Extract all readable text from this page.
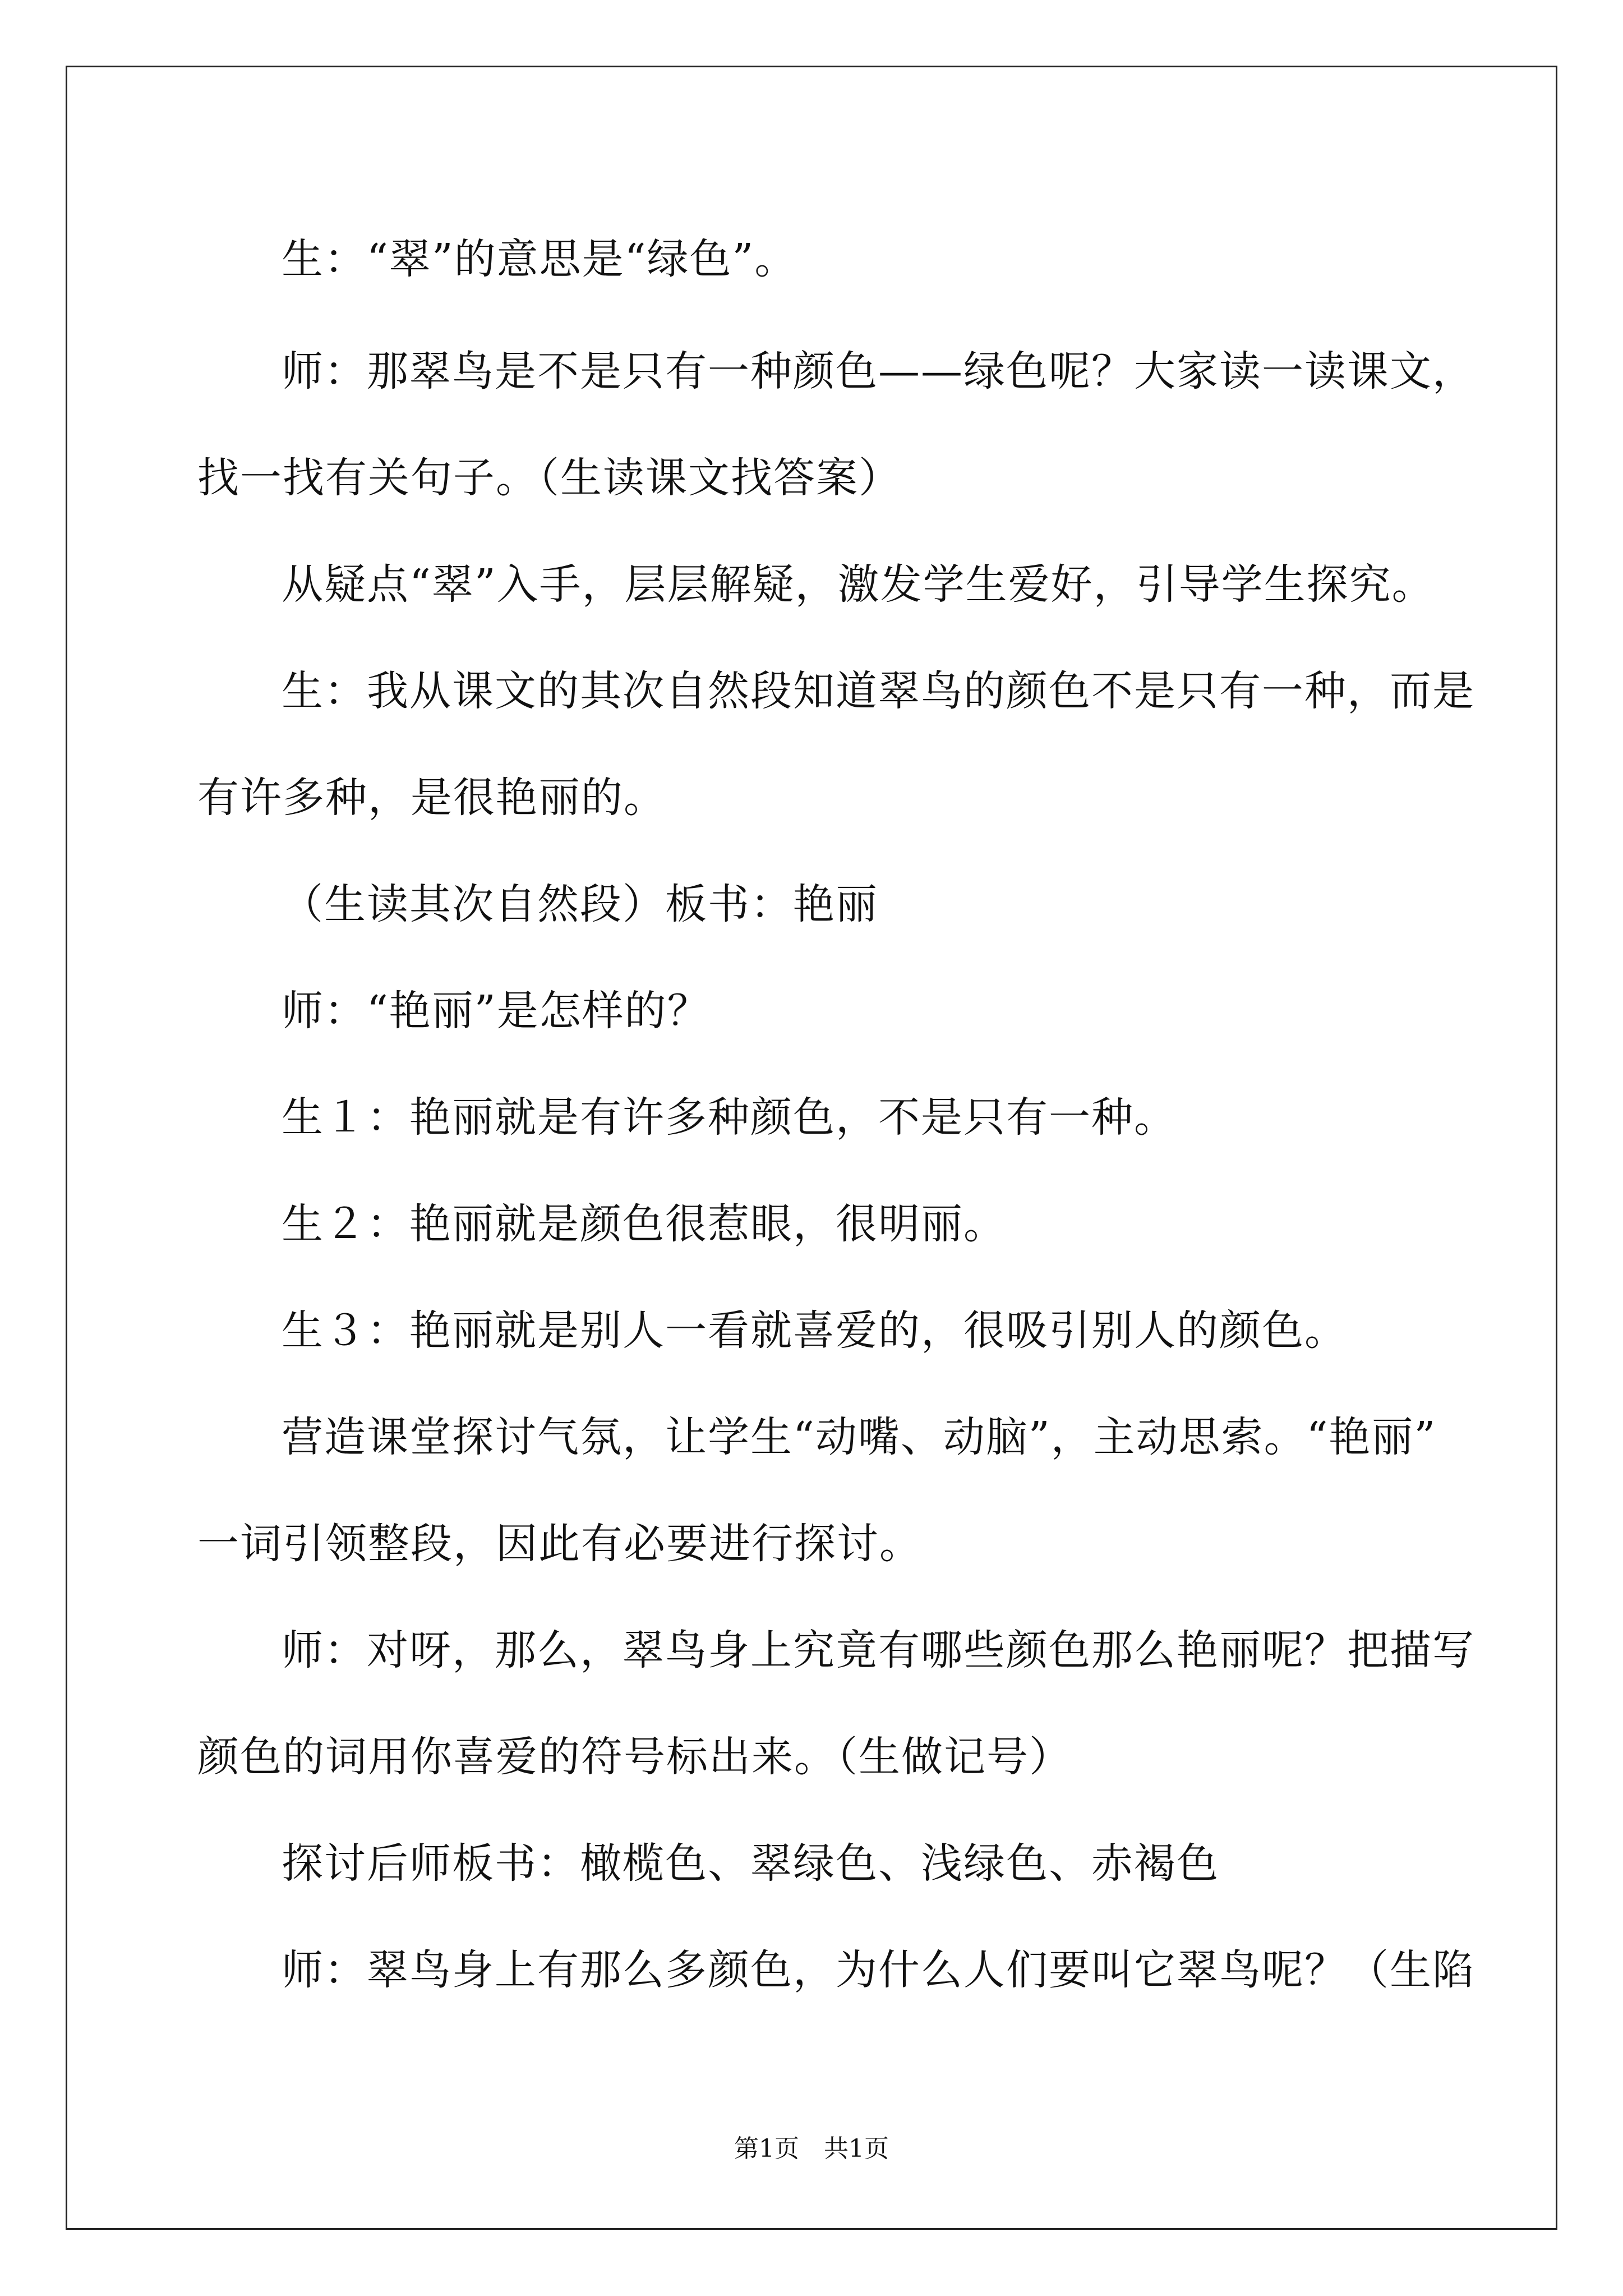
生：“翠”的意思是“绿色”。
师：那翠鸟是不是只有一种颜色——绿色呢？大家读一读课文，
找一找有关句子。（生读课文找答案）
从疑点“翠”入手，层层解疑，激发学生爱好，引导学生探究。
生：我从课文的其次自然段知道翠鸟的颜色不是只有一种，而是
有许多种，是很艳丽的。
（生读其次自然段）板书：艳丽
师：“艳丽”是怎样的？
生１：艳丽就是有许多种颜色，不是只有一种。
生２：艳丽就是颜色很惹眼，很明丽。
生３：艳丽就是别人一看就喜爱的，很吸引别人的颜色。
营造课堂探讨气氛，让学生“动嘴、动脑”，主动思索。“艳丽”
一词引领整段，因此有必要进行探讨。
师：对呀，那么，翠鸟身上究竟有哪些颜色那么艳丽呢？把描写
颜色的词用你喜爱的符号标出来。（生做记号）
探讨后师板书：橄榄色、翠绿色、浅绿色、赤褐色
师：翠鸟身上有那么多颜色，为什么人们要叫它翠鸟呢？（生陷
第1页　共1页
